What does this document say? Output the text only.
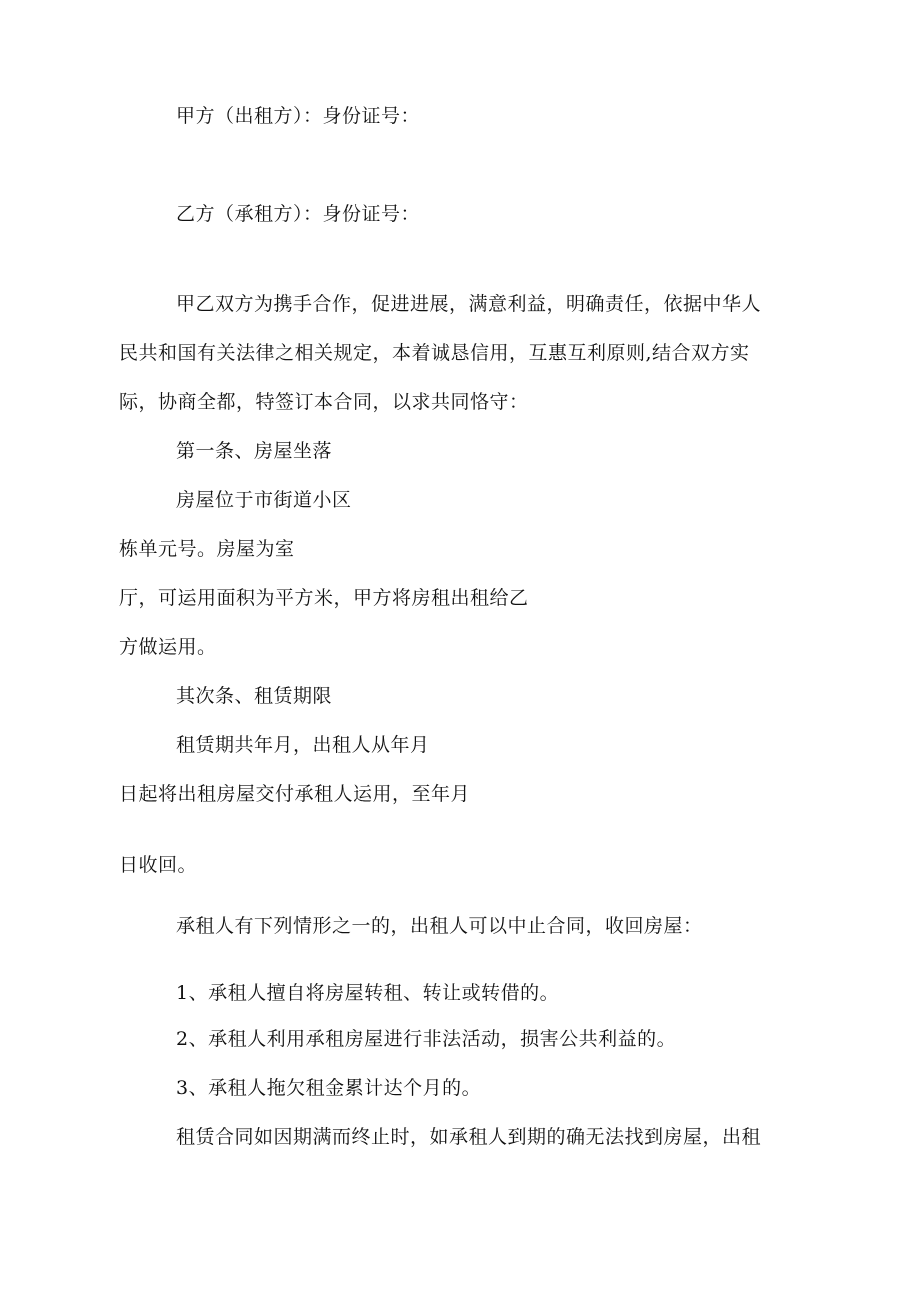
甲方（出租方）：身份证号：

乙方（承租方）：身份证号：

甲乙双方为携手合作，促进进展，满意利益，明确责任，依据中华人

民共和国有关法律之相关规定，本着诚恳信用，互惠互利原则,结合双方实

际，协商全都，特签订本合同，以求共同恪守：

第一条、房屋坐落

房屋位于市街道小区

栋单元号。房屋为室

厅，可运用面积为平方米，甲方将房租出租给乙

方做运用。

其次条、租赁期限

租赁期共年月，出租人从年月

日起将出租房屋交付承租人运用，至年月

日收回。

承租人有下列情形之一的，出租人可以中止合同，收回房屋：

1、承租人擅自将房屋转租、转让或转借的。

2、承租人利用承租房屋进行非法活动，损害公共利益的。

3、承租人拖欠租金累计达个月的。

租赁合同如因期满而终止时，如承租人到期的确无法找到房屋，出租
